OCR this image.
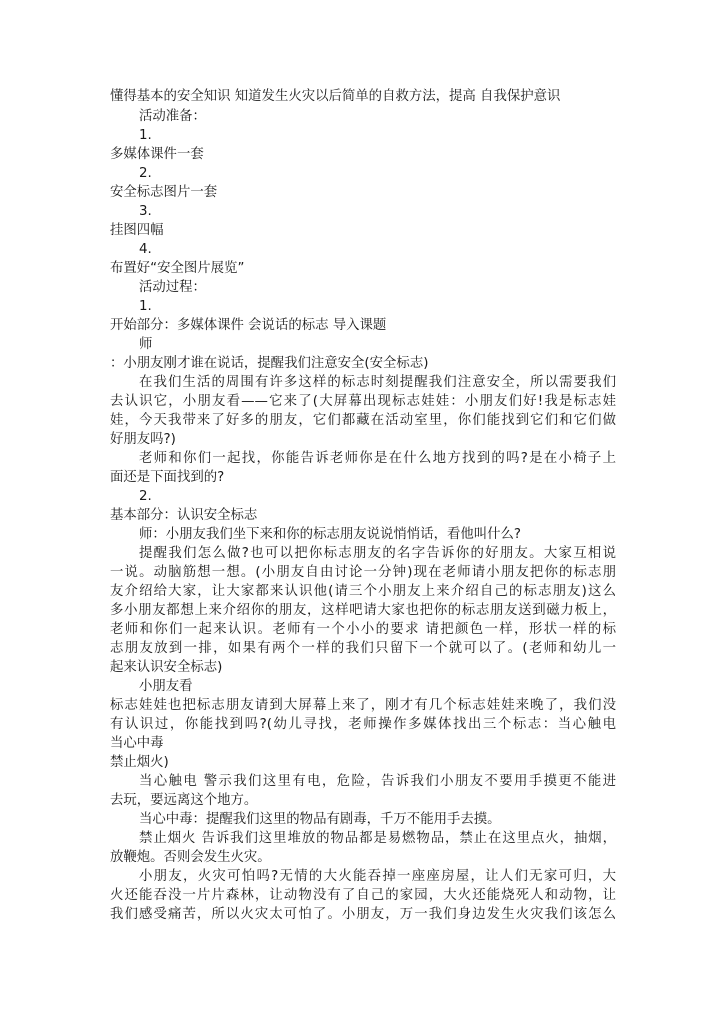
懂得基本的安全知识 知道发生火灾以后简单的自救方法，提高 自我保护意识
活动准备：
1.
多媒体课件一套
2.
安全标志图片一套
3.
挂图四幅
4.
布置好“安全图片展览”
活动过程：
1.
开始部分：多媒体课件 会说话的标志 导入课题
师
：小朋友刚才谁在说话，提醒我们注意安全(安全标志)
在我们生活的周围有许多这样的标志时刻提醒我们注意安全，所以需要我们
去认识它，小朋友看——它来了(大屏幕出现标志娃娃：小朋友们好!我是标志娃
娃，今天我带来了好多的朋友，它们都藏在活动室里，你们能找到它们和它们做
好朋友吗?)
老师和你们一起找，你能告诉老师你是在什么地方找到的吗?是在小椅子上
面还是下面找到的?
2.
基本部分：认识安全标志
师：小朋友我们坐下来和你的标志朋友说说悄悄话，看他叫什么?
提醒我们怎么做?也可以把你标志朋友的名字告诉你的好朋友。大家互相说
一说。动脑筋想一想。(小朋友自由讨论一分钟)现在老师请小朋友把你的标志朋
友介绍给大家，让大家都来认识他(请三个小朋友上来介绍自己的标志朋友)这么
多小朋友都想上来介绍你的朋友，这样吧请大家也把你的标志朋友送到磁力板上，
老师和你们一起来认识。老师有一个小小的要求 请把颜色一样，形状一样的标
志朋友放到一排，如果有两个一样的我们只留下一个就可以了。(老师和幼儿一
起来认识安全标志)
小朋友看
标志娃娃也把标志朋友请到大屏幕上来了，刚才有几个标志娃娃来晚了，我们没
有认识过，你能找到吗?(幼儿寻找，老师操作多媒体找出三个标志：当心触电
当心中毒
禁止烟火)
当心触电 警示我们这里有电，危险，告诉我们小朋友不要用手摸更不能进
去玩，要远离这个地方。
当心中毒：提醒我们这里的物品有剧毒，千万不能用手去摸。
禁止烟火 告诉我们这里堆放的物品都是易燃物品，禁止在这里点火，抽烟，
放鞭炮。否则会发生火灾。
小朋友，火灾可怕吗?无情的大火能吞掉一座座房屋，让人们无家可归，大
火还能吞没一片片森林，让动物没有了自己的家园，大火还能烧死人和动物，让
我们感受痛苦，所以火灾太可怕了。小朋友，万一我们身边发生火灾我们该怎么
